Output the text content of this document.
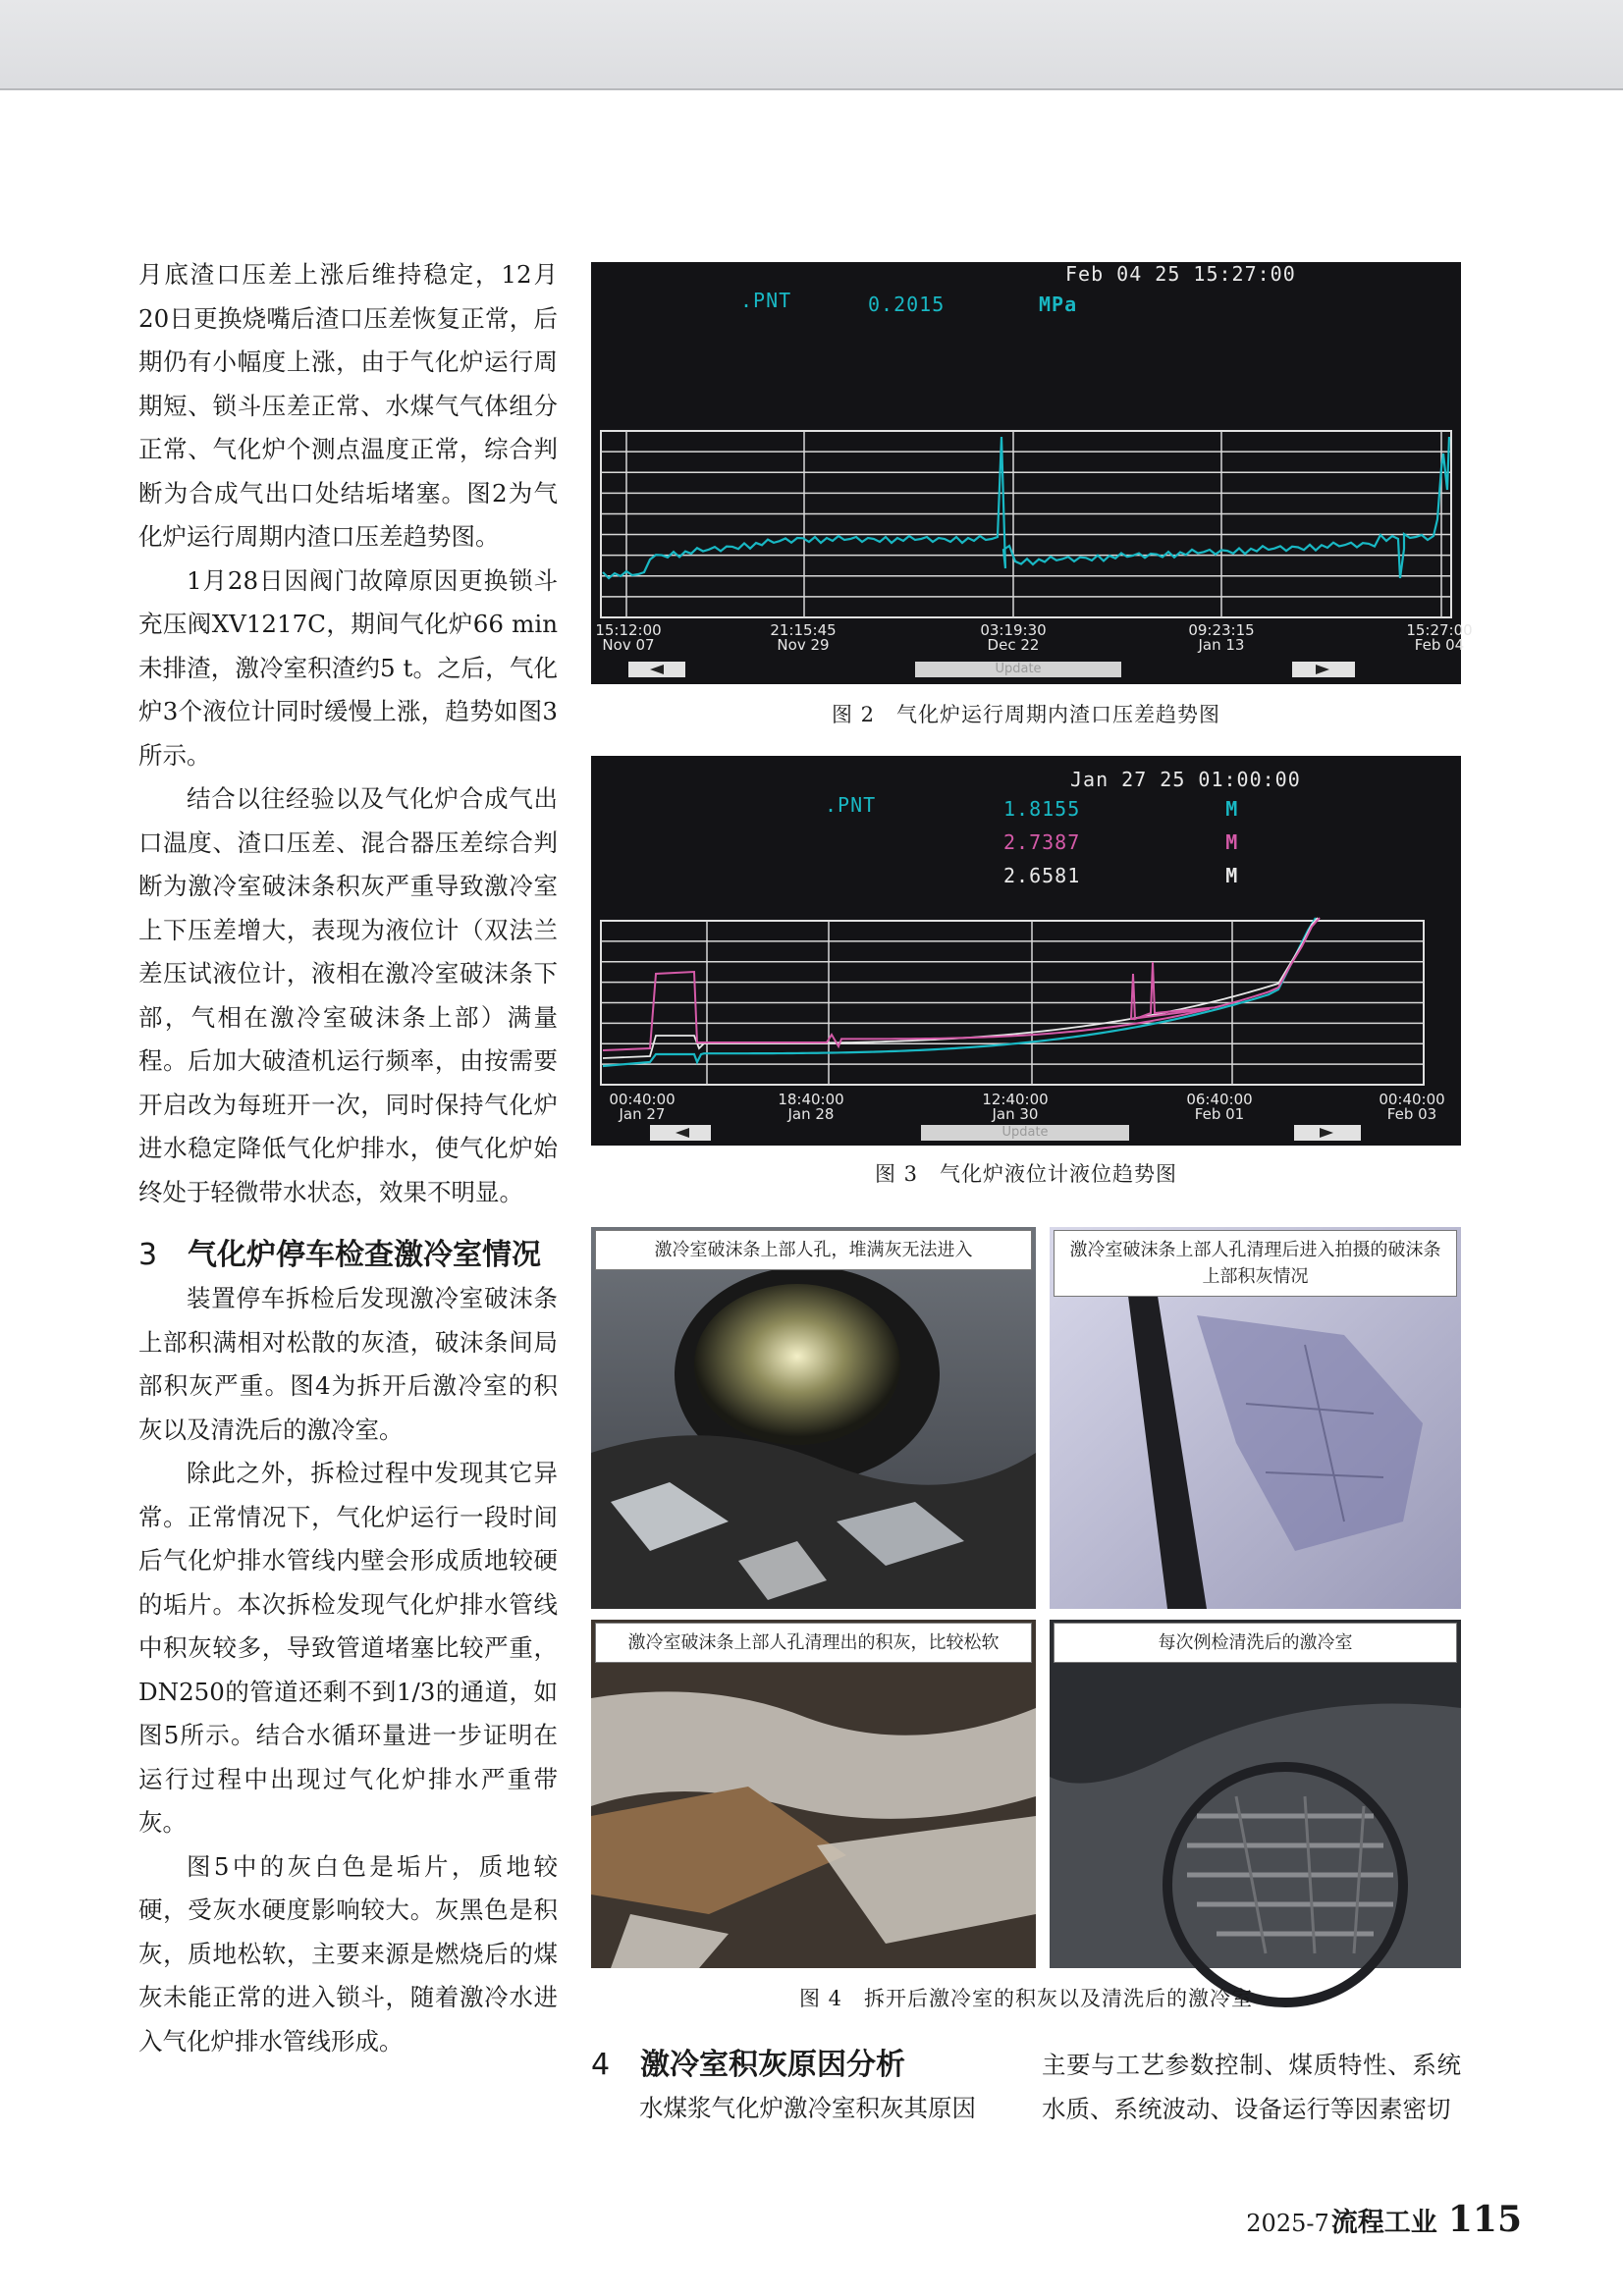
月底渣口压差上涨后维持稳定，12月20日更换烧嘴后渣口压差恢复正常，后期仍有小幅度上涨，由于气化炉运行周期短、锁斗压差正常、水煤气气体组分正常、气化炉个测点温度正常，综合判断为合成气出口处结垢堵塞。图2为气化炉运行周期内渣口压差趋势图。

1月28日因阀门故障原因更换锁斗充压阀XV1217C，期间气化炉66 min未排渣，激冷室积渣约5 t。之后，气化炉3个液位计同时缓慢上涨，趋势如图3所示。

结合以往经验以及气化炉合成气出口温度、渣口压差、混合器压差综合判断为激冷室破沫条积灰严重导致激冷室上下压差增大，表现为液位计（双法兰差压试液位计，液相在激冷室破沫条下部，气相在激冷室破沫条上部）满量程。后加大破渣机运行频率，由按需要开启改为每班开一次，同时保持气化炉进水稳定降低气化炉排水，使气化炉始终处于轻微带水状态，效果不明显。

3 气化炉停车检查激冷室情况

装置停车拆检后发现激冷室破沫条上部积满相对松散的灰渣，破沫条间局部积灰严重。图4为拆开后激冷室的积灰以及清洗后的激冷室。

除此之外，拆检过程中发现其它异常。正常情况下，气化炉运行一段时间后气化炉排水管线内壁会形成质地较硬的垢片。本次拆检发现气化炉排水管线中积灰较多，导致管道堵塞比较严重，DN250的管道还剩不到1/3的通道，如图5所示。结合水循环量进一步证明在运行过程中出现过气化炉排水严重带灰。

图5中的灰白色是垢片，质地较硬，受灰水硬度影响较大。灰黑色是积灰，质地松软，主要来源是燃烧后的煤灰未能正常的进入锁斗，随着激冷水进入气化炉排水管线形成。

Feb 04 25 15:27:00
.PNT	0.2015	MPa
15:12:00
Nov 07
21:15:45
Nov 29
03:19:30
Dec 22
09:23:15
Jan 13
15:27:00
Feb 04
Update
图 2　气化炉运行周期内渣口压差趋势图
Jan 27 25 01:00:00
.PNT	1.8155	M
2.7387	M
2.6581	M
00:40:00
Jan 27
18:40:00
Jan 28
12:40:00
Jan 30
06:40:00
Feb 01
00:40:00
Feb 03
Update
图 3　气化炉液位计液位趋势图
激冷室破沫条上部人孔，堆满灰无法进入	激冷室破沫条上部人孔清理后进入拍摄的破沫条上部积灰情况
激冷室破沫条上部人孔清理出的积灰，比较松软	每次例检清洗后的激冷室
图 4　拆开后激冷室的积灰以及清洗后的激冷室

4 激冷室积灰原因分析

水煤浆气化炉激冷室积灰其原因

主要与工艺参数控制、煤质特性、系统水质、系统波动、设备运行等因素密切

2025-7流程工业 115
